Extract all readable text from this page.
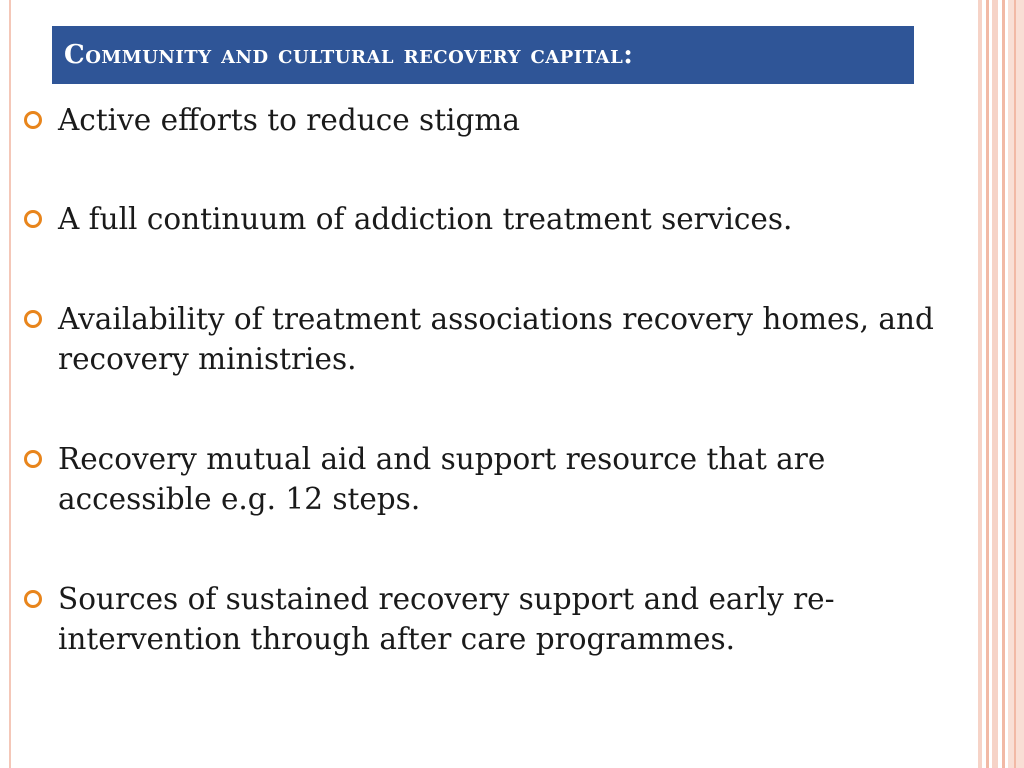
Community and cultural recovery capital:
Active efforts to reduce stigma
A full continuum of addiction treatment services.
Availability of treatment associations recovery homes, and recovery ministries.
Recovery mutual aid and support resource that are accessible e.g. 12 steps.
Sources of sustained recovery support and early re-intervention through after care programmes.
